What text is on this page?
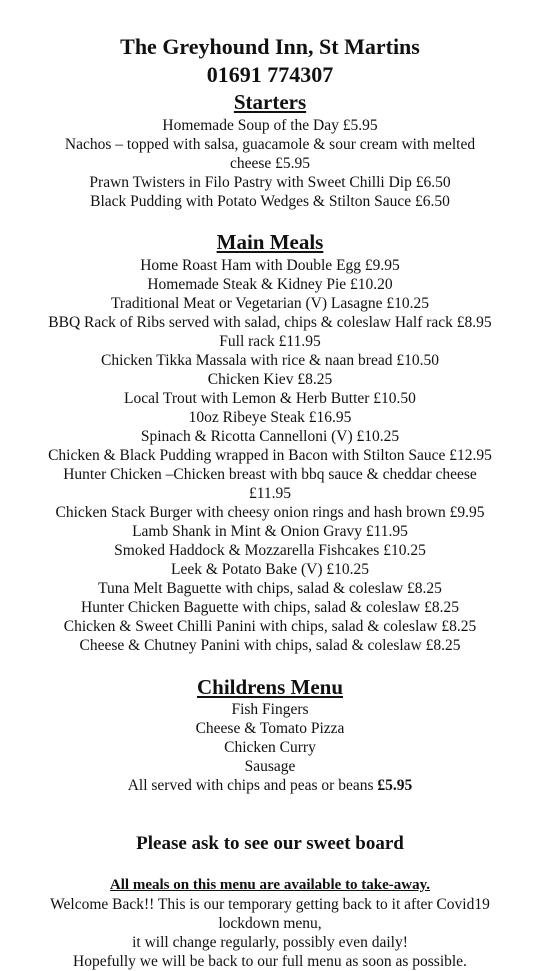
The Greyhound Inn, St Martins
01691 774307
Starters
Homemade Soup of the Day £5.95
Nachos – topped with salsa, guacamole & sour cream with melted
cheese £5.95
Prawn Twisters in Filo Pastry with Sweet Chilli Dip £6.50
Black Pudding with Potato Wedges & Stilton Sauce £6.50
Main Meals
Home Roast Ham with Double Egg £9.95
Homemade Steak & Kidney Pie £10.20
Traditional Meat or Vegetarian (V) Lasagne £10.25
BBQ Rack of Ribs served with salad, chips & coleslaw Half rack £8.95
Full rack £11.95
Chicken Tikka Massala with rice & naan bread £10.50
Chicken Kiev £8.25
Local Trout with Lemon & Herb Butter £10.50
10oz Ribeye Steak £16.95
Spinach & Ricotta Cannelloni (V) £10.25
Chicken & Black Pudding wrapped in Bacon with Stilton Sauce £12.95
Hunter Chicken –Chicken breast with bbq sauce & cheddar cheese
£11.95
Chicken Stack Burger with cheesy onion rings and hash brown £9.95
Lamb Shank in Mint & Onion Gravy £11.95
Smoked Haddock & Mozzarella Fishcakes £10.25
Leek & Potato Bake (V) £10.25
Tuna Melt Baguette with chips, salad & coleslaw £8.25
Hunter Chicken Baguette with chips, salad & coleslaw £8.25
Chicken & Sweet Chilli Panini with chips, salad & coleslaw £8.25
Cheese & Chutney Panini with chips, salad & coleslaw £8.25
Childrens Menu
Fish Fingers
Cheese & Tomato Pizza
Chicken Curry
Sausage
All served with chips and peas or beans £5.95
Please ask to see our sweet board
All meals on this menu are available to take-away.
Welcome Back!! This is our temporary getting back to it after Covid19
lockdown menu,
it will change regularly, possibly even daily!
Hopefully we will be back to our full menu as soon as possible.
